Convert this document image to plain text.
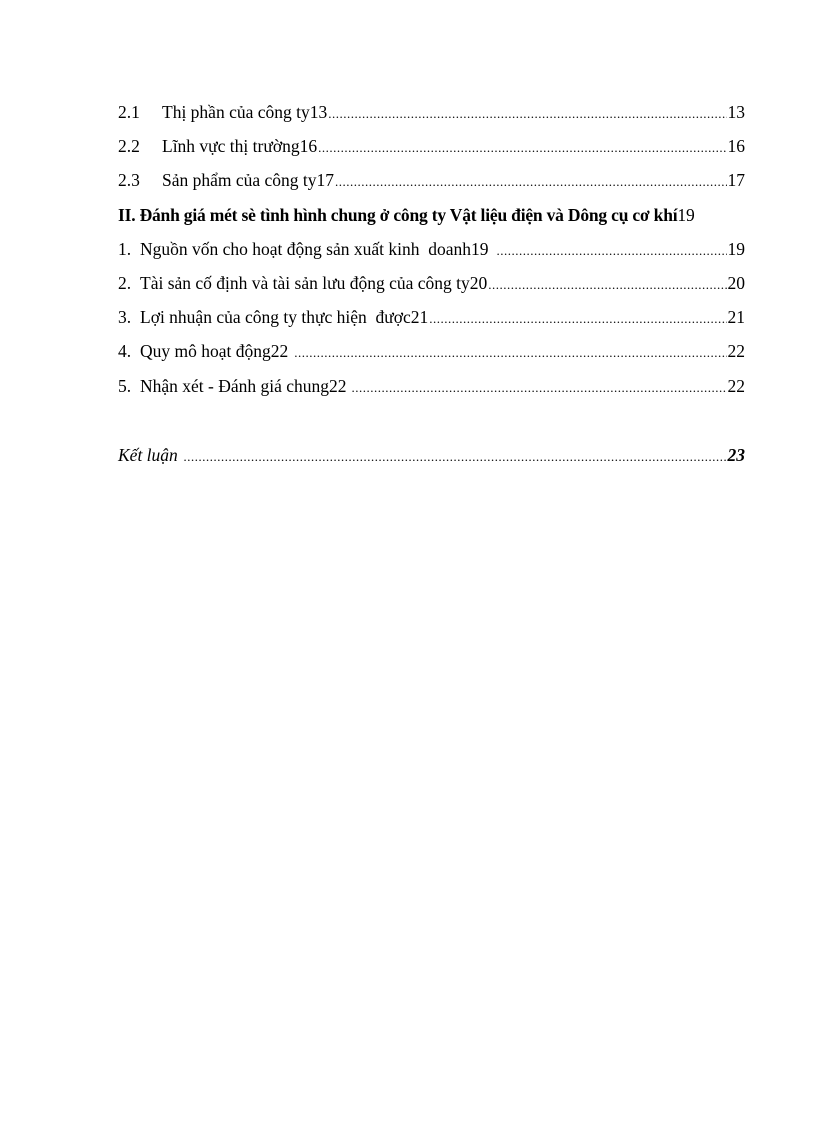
2.1	Thị phần của công ty13 .....	13
2.2	Lĩnh vực thị trường16 .....	16
2.3	Sản phẩm của công ty17 .....	17
II. Đánh giá mét sè tình hình chung ở công ty Vật liệu điện và Dông cụ cơ khí 19
1. Nguồn vốn cho hoạt động sản xuất kinh  doanh19 .....	19
2. Tài sản cố định và tài sản lưu động của công ty20 .....	20
3. Lợi nhuận của công ty thực hiện  được21 .....	21
4. Quy mô hoạt động22 .....	22
5. Nhận xét - Đánh giá chung22 .....	22
Kết luận .....	23
